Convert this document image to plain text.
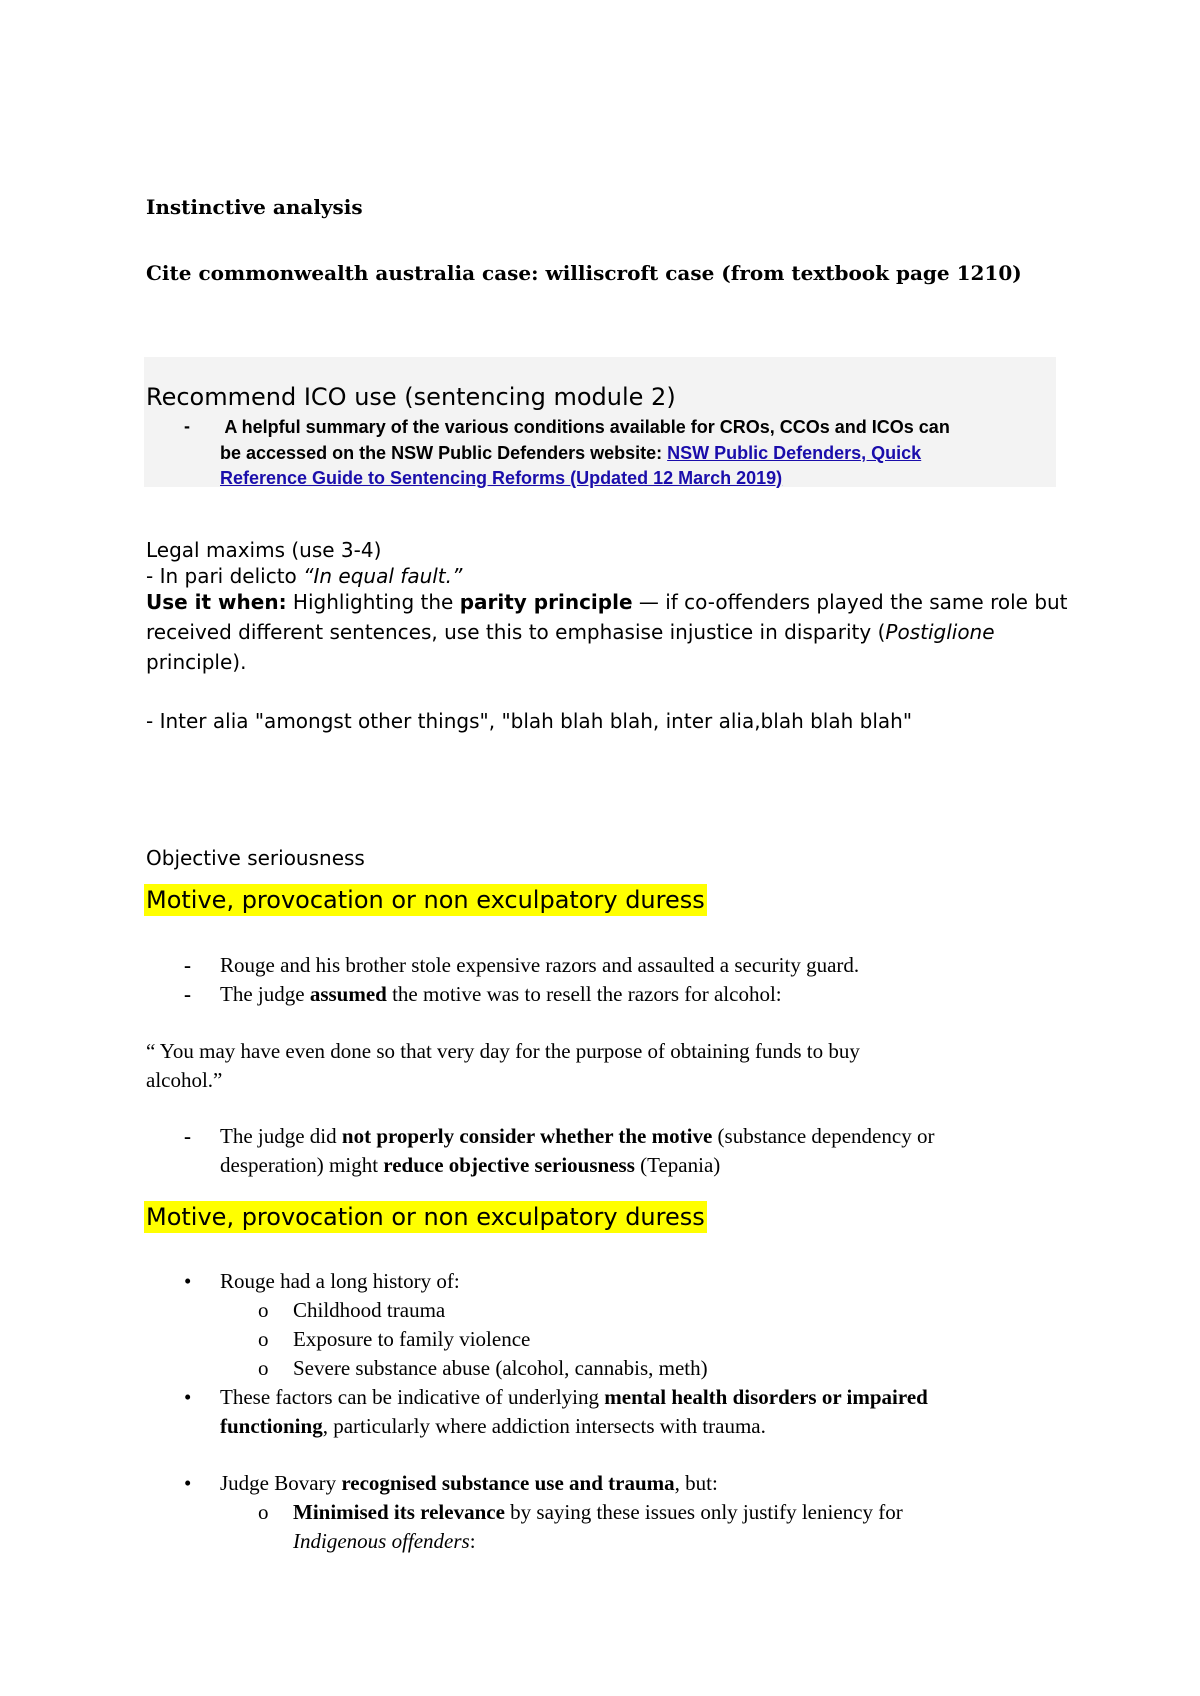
Instinctive analysis
Cite commonwealth australia case: williscroft case (from textbook page 1210)
Recommend ICO use (sentencing module 2)
- A helpful summary of the various conditions available for CROs, CCOs and ICOs can
be accessed on the NSW Public Defenders website: NSW Public Defenders, Quick
Reference Guide to Sentencing Reforms (Updated 12 March 2019)
Legal maxims (use 3-4)
- In pari delicto “In equal fault.”
Use it when: Highlighting the parity principle — if co-offenders played the same role but
received different sentences, use this to emphasise injustice in disparity (Postiglione
principle).
- Inter alia "amongst other things", "blah blah blah, inter alia,blah blah blah"
Objective seriousness
Motive, provocation or non exculpatory duress
- Rouge and his brother stole expensive razors and assaulted a security guard.
- The judge assumed the motive was to resell the razors for alcohol:
“ You may have even done so that very day for the purpose of obtaining funds to buy
alcohol.”
- The judge did not properly consider whether the motive (substance dependency or
desperation) might reduce objective seriousness (Tepania)
Motive, provocation or non exculpatory duress
• Rouge had a long history of:
o Childhood trauma
o Exposure to family violence
o Severe substance abuse (alcohol, cannabis, meth)
• These factors can be indicative of underlying mental health disorders or impaired
functioning, particularly where addiction intersects with trauma.
• Judge Bovary recognised substance use and trauma, but:
o Minimised its relevance by saying these issues only justify leniency for
Indigenous offenders:
